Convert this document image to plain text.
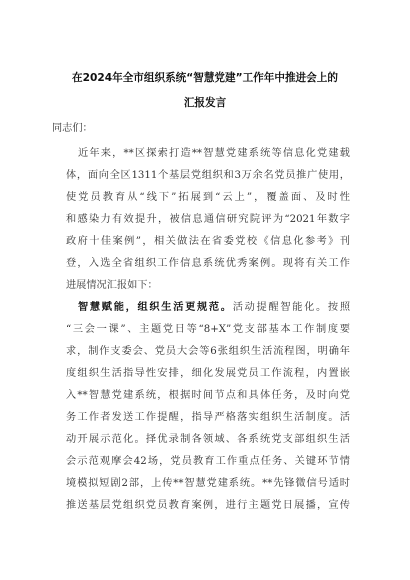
在2024年全市组织系统“智慧党建”工作年中推进会上的
汇报发言
同志们：
近年来，**区探索打造**智慧党建系统等信息化党建载
体，面向全区1311个基层党组织和3万余名党员推广使用，
使党员教育从“线下”拓展到“云上”，覆盖面、及时性
和感染力有效提升，被信息通信研究院评为“2021年数字
政府十佳案例”，相关做法在省委党校《信息化参考》刊
登，入选全省组织工作信息系统优秀案例。现将有关工作
进展情况汇报如下：
智慧赋能，组织生活更规范。活动提醒智能化。按照
“三会一课”、主题党日等“8+X”党支部基本工作制度要
求，制作支委会、党员大会等6张组织生活流程图，明确年
度组织生活指导性安排，细化发展党员工作流程，内置嵌
入**智慧党建系统，根据时间节点和具体任务，及时向党
务工作者发送工作提醒，指导严格落实组织生活制度。活
动开展示范化。择优录制各领域、各系统党支部组织生活
会示范观摩会42场，党员教育工作重点任务、关键环节情
境模拟短剧2部，上传**智慧党建系统。**先锋微信号适时
推送基层党组织党员教育案例，进行主题党日展播，宣传
